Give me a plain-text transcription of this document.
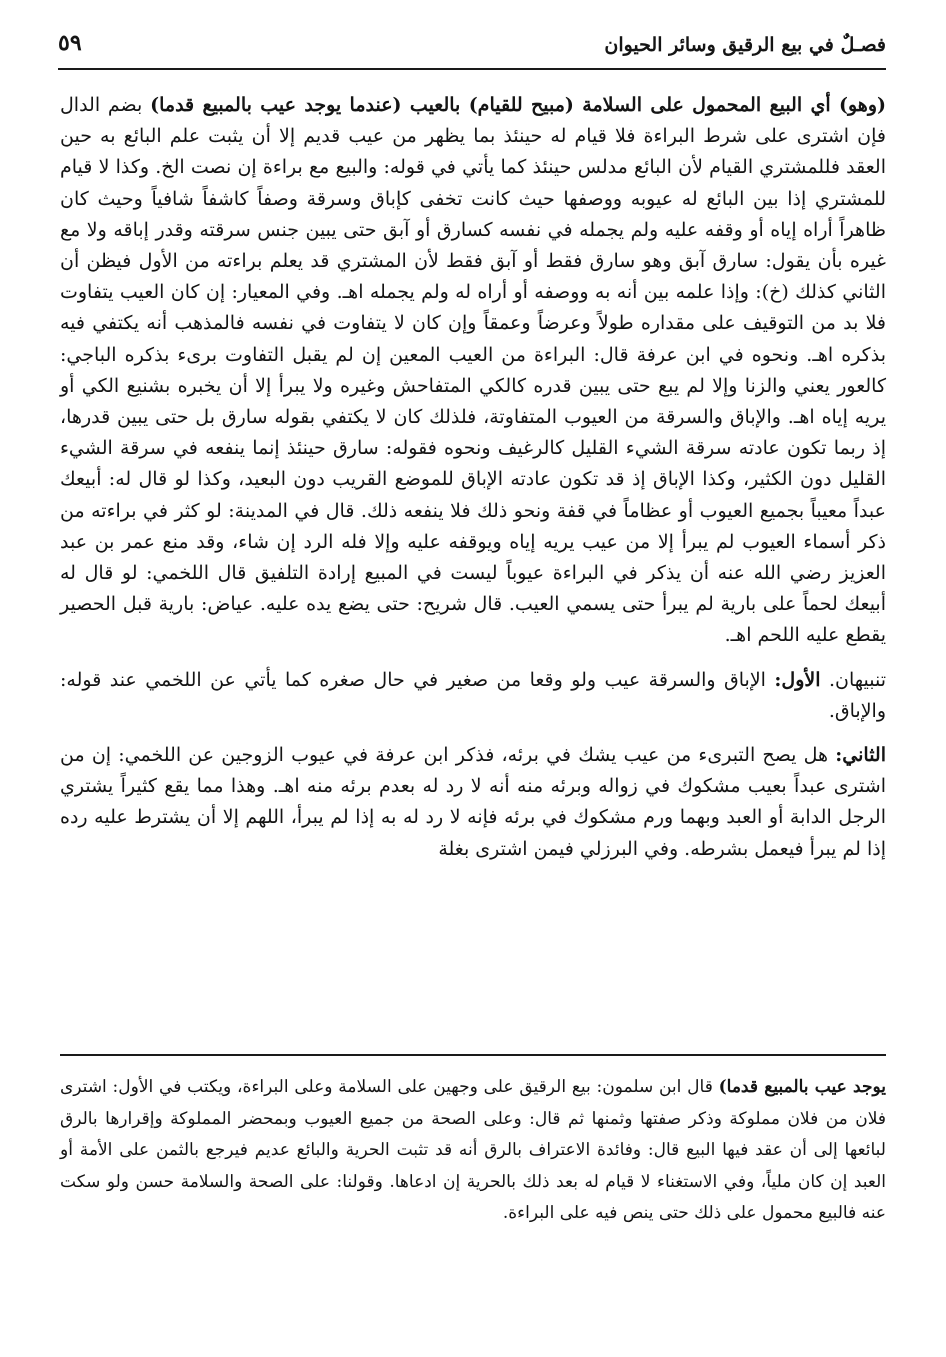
فصـلٌ في بيع الرقيق وسائر الحيوان
٥٩

(وهو) أي البيع المحمول على السلامة (مبيح للقيام) بالعيب (عندما يوجد عيب بالمبيع قدما) بضم الدال فإن اشترى على شرط البراءة فلا قيام له حينئذ بما يظهر من عيب قديم إلا أن يثبت علم البائع به حين العقد فللمشتري القيام لأن البائع مدلس حينئذ كما يأتي في قوله: والبيع مع براءة إن نصت الخ. وكذا لا قيام للمشتري إذا بين البائع له عيوبه ووصفها حيث كانت تخفى كإباق وسرقة وصفاً كاشفاً شافياً وحيث كان ظاهراً أراه إياه أو وقفه عليه ولم يجمله في نفسه كسارق أو آبق حتى يبين جنس سرقته وقدر إباقه ولا مع غيره بأن يقول: سارق آبق وهو سارق فقط أو آبق فقط لأن المشتري قد يعلم براءته من الأول فيظن أن الثاني كذلك (خ): وإذا علمه بين أنه به ووصفه أو أراه له ولم يجمله اهـ. وفي المعيار: إن كان العيب يتفاوت فلا بد من التوقيف على مقداره طولاً وعرضاً وعمقاً وإن كان لا يتفاوت في نفسه فالمذهب أنه يكتفي فيه بذكره اهـ. ونحوه في ابن عرفة قال: البراءة من العيب المعين إن لم يقبل التفاوت برىء بذكره الباجي: كالعور يعني والزنا وإلا لم يبع حتى يبين قدره كالكي المتفاحش وغيره ولا يبرأ إلا أن يخبره بشنيع الكي أو يريه إياه اهـ. والإباق والسرقة من العيوب المتفاوتة، فلذلك كان لا يكتفي بقوله سارق بل حتى يبين قدرها، إذ ربما تكون عادته سرقة الشيء القليل كالرغيف ونحوه فقوله: سارق حينئذ إنما ينفعه في سرقة الشيء القليل دون الكثير، وكذا الإباق إذ قد تكون عادته الإباق للموضع القريب دون البعيد، وكذا لو قال له: أبيعك عبداً معيباً بجميع العيوب أو عظاماً في قفة ونحو ذلك فلا ينفعه ذلك. قال في المدينة: لو كثر في براءته من ذكر أسماء العيوب لم يبرأ إلا من عيب يريه إياه ويوقفه عليه وإلا فله الرد إن شاء، وقد منع عمر بن عبد العزيز رضي الله عنه أن يذكر في البراءة عيوباً ليست في المبيع إرادة التلفيق قال اللخمي: لو قال له أبيعك لحماً على بارية لم يبرأ حتى يسمي العيب. قال شريح: حتى يضع يده عليه. عياض: بارية قبل الحصير يقطع عليه اللحم اهـ.

تنبيهان. الأول: الإباق والسرقة عيب ولو وقعا من صغير في حال صغره كما يأتي عن اللخمي عند قوله: والإباق.

الثاني: هل يصح التبرىء من عيب يشك في برئه، فذكر ابن عرفة في عيوب الزوجين عن اللخمي: إن من اشترى عبداً بعيب مشكوك في زواله وبرئه منه أنه لا رد له بعدم برئه منه اهـ. وهذا مما يقع كثيراً يشتري الرجل الدابة أو العبد وبهما ورم مشكوك في برئه فإنه لا رد له به إذا لم يبرأ، اللهم إلا أن يشترط عليه رده إذا لم يبرأ فيعمل بشرطه. وفي البرزلي فيمن اشترى بغلة

يوجد عيب بالمبيع قدما) قال ابن سلمون: بيع الرقيق على وجهين على السلامة وعلى البراءة، ويكتب في الأول: اشترى فلان من فلان مملوكة وذكر صفتها وثمنها ثم قال: وعلى الصحة من جميع العيوب وبمحضر المملوكة وإقرارها بالرق لبائعها إلى أن عقد فيها البيع قال: وفائدة الاعتراف بالرق أنه قد تثبت الحرية والبائع عديم فيرجع بالثمن على الأمة أو العبد إن كان ملياً، وفي الاستغناء لا قيام له بعد ذلك بالحرية إن ادعاها. وقولنا: على الصحة والسلامة حسن ولو سكت عنه فالبيع محمول على ذلك حتى ينص فيه على البراءة.
